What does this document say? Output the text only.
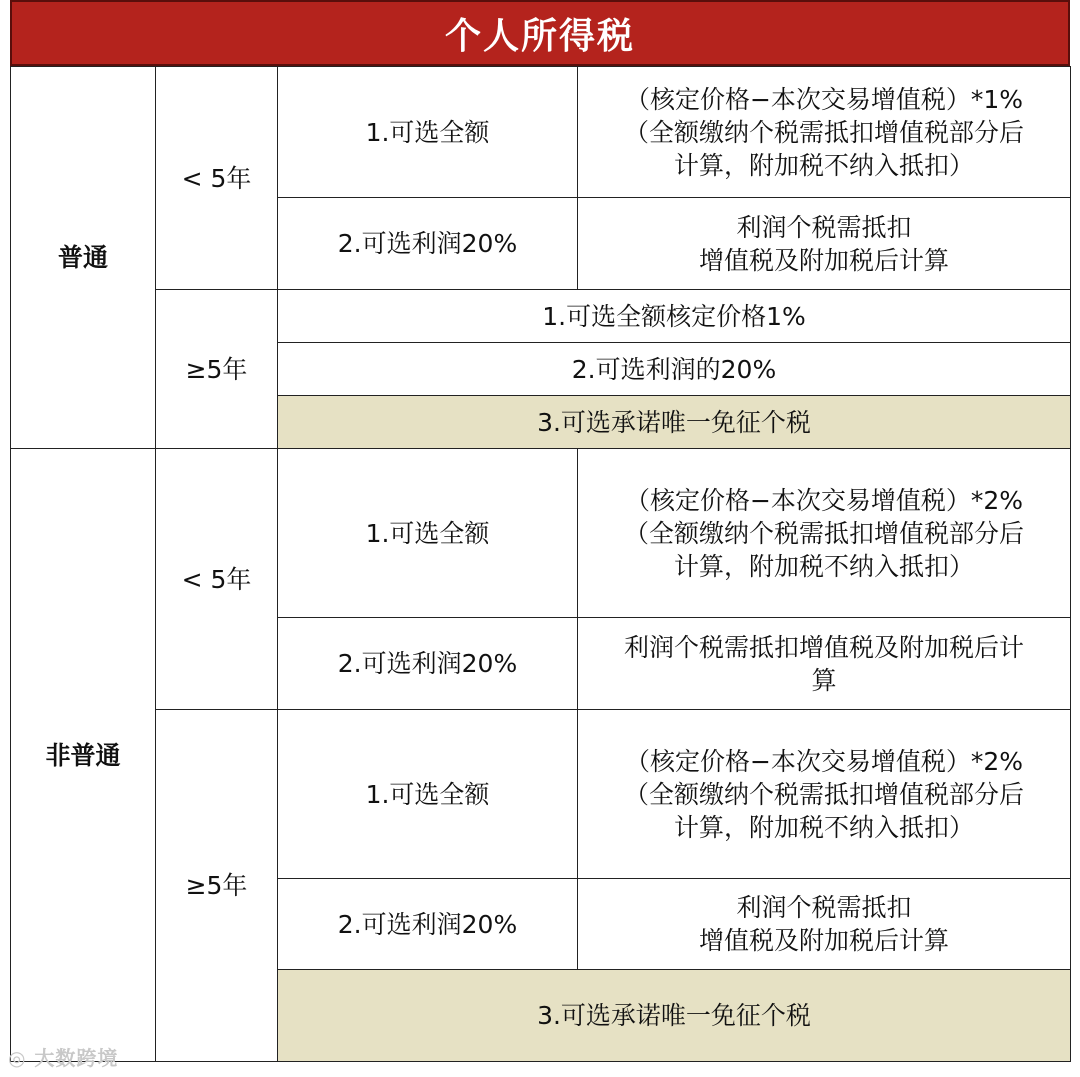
个人所得税
普通	< 5年	1.可选全额	（核定价格−本次交易增值税）*1%
（全额缴纳个税需抵扣增值税部分后
计算，附加税不纳入抵扣）

		2.可选利润20%	利润个税需抵扣
增值税及附加税后计算

	≥5年	1.可选全额核定价格1%	
		2.可选利润的20%	
		3.可选承诺唯一免征个税	
非普通	< 5年	1.可选全额	（核定价格−本次交易增值税）*2%
（全额缴纳个税需抵扣增值税部分后
计算，附加税不纳入抵扣）

		2.可选利润20%	利润个税需抵扣增值税及附加税后计
算

	≥5年	1.可选全额	（核定价格−本次交易增值税）*2%
（全额缴纳个税需抵扣增值税部分后
计算，附加税不纳入抵扣）

		2.可选利润20%	利润个税需抵扣
增值税及附加税后计算

		3.可选承诺唯一免征个税	
◎ 大数跨境
